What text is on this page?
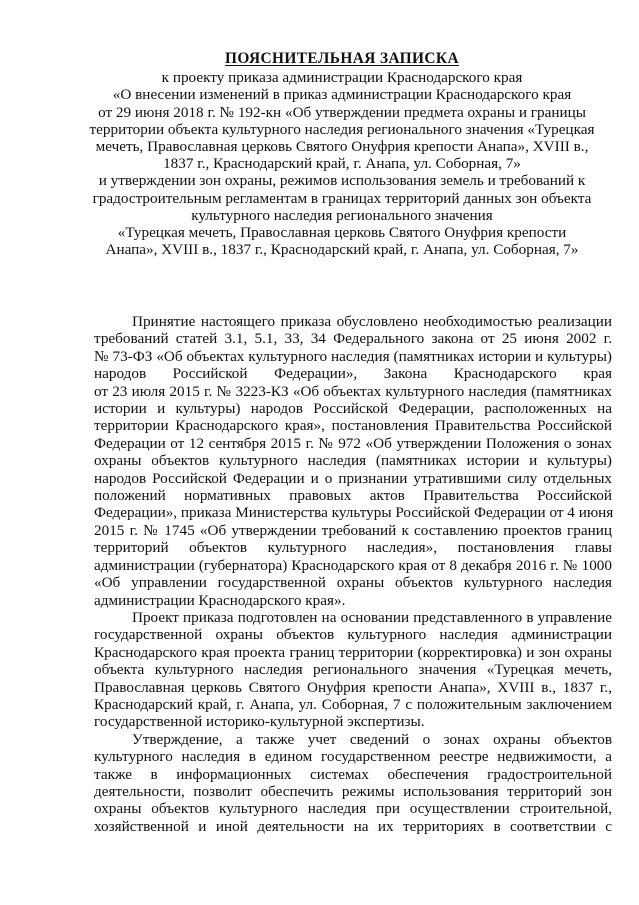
ПОЯСНИТЕЛЬНАЯ ЗАПИСКА
к проекту приказа администрации Краснодарского края
«О внесении изменений в приказ администрации Краснодарского края
от 29 июня 2018 г. № 192-кн «Об утверждении предмета охраны и границы
территории объекта культурного наследия регионального значения «Турецкая
мечеть, Православная церковь Святого Онуфрия крепости Анапа», XVIII в.,
1837 г., Краснодарский край, г. Анапа, ул. Соборная, 7»
и утверждении зон охраны, режимов использования земель и требований к
градостроительным регламентам в границах территорий данных зон объекта
культурного наследия регионального значения
«Турецкая мечеть, Православная церковь Святого Онуфрия крепости
Анапа», XVIII в., 1837 г., Краснодарский край, г. Анапа, ул. Соборная, 7»
Принятие настоящего приказа обусловлено необходимостью реализации
требований статей 3.1, 5.1, 33, 34 Федерального закона от 25 июня 2002 г.
№ 73-ФЗ «Об объектах культурного наследия (памятниках истории и культуры)
народов Российской Федерации», Закона Краснодарского края
от 23 июля 2015 г. № 3223-КЗ «Об объектах культурного наследия (памятниках
истории и культуры) народов Российской Федерации, расположенных на
территории Краснодарского края», постановления Правительства Российской
Федерации от 12 сентября 2015 г. № 972 «Об утверждении Положения о зонах
охраны объектов культурного наследия (памятниках истории и культуры)
народов Российской Федерации и о признании утратившими силу отдельных
положений нормативных правовых актов Правительства Российской
Федерации», приказа Министерства культуры Российской Федерации от 4 июня
2015 г. № 1745 «Об утверждении требований к составлению проектов границ
территорий объектов культурного наследия», постановления главы
администрации (губернатора) Краснодарского края от 8 декабря 2016 г. № 1000
«Об управлении государственной охраны объектов культурного наследия
администрации Краснодарского края».
Проект приказа подготовлен на основании представленного в управление
государственной охраны объектов культурного наследия администрации
Краснодарского края проекта границ территории (корректировка) и зон охраны
объекта культурного наследия регионального значения «Турецкая мечеть,
Православная церковь Святого Онуфрия крепости Анапа», XVIII в., 1837 г.,
Краснодарский край, г. Анапа, ул. Соборная, 7 с положительным заключением
государственной историко-культурной экспертизы.
Утверждение, а также учет сведений о зонах охраны объектов
культурного наследия в едином государственном реестре недвижимости, а
также в информационных системах обеспечения градостроительной
деятельности, позволит обеспечить режимы использования территорий зон
охраны объектов культурного наследия при осуществлении строительной,
хозяйственной и иной деятельности на их территориях в соответствии с
